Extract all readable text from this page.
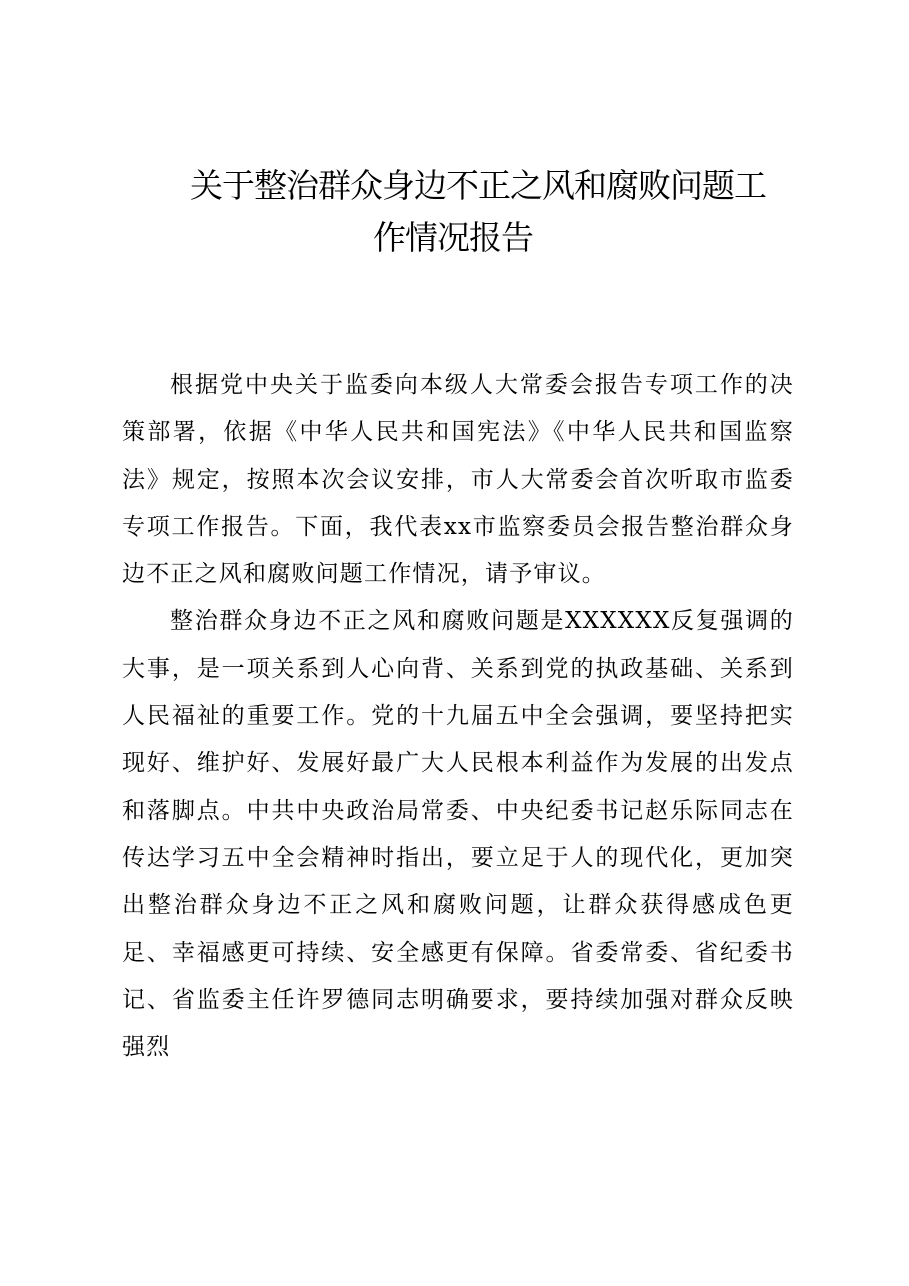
关于整治群众身边不正之风和腐败问题工
作情况报告

根据党中央关于监委向本级人大常委会报告专项工作的决策部署，依据《中华人民共和国宪法》《中华人民共和国监察法》规定，按照本次会议安排，市人大常委会首次听取市监委专项工作报告。下面，我代表xx市监察委员会报告整治群众身边不正之风和腐败问题工作情况，请予审议。

整治群众身边不正之风和腐败问题是XXXXXX反复强调的大事，是一项关系到人心向背、关系到党的执政基础、关系到人民福祉的重要工作。党的十九届五中全会强调，要坚持把实现好、维护好、发展好最广大人民根本利益作为发展的出发点和落脚点。中共中央政治局常委、中央纪委书记赵乐际同志在传达学习五中全会精神时指出，要立足于人的现代化，更加突出整治群众身边不正之风和腐败问题，让群众获得感成色更足、幸福感更可持续、安全感更有保障。省委常委、省纪委书记、省监委主任许罗德同志明确要求，要持续加强对群众反映强烈
